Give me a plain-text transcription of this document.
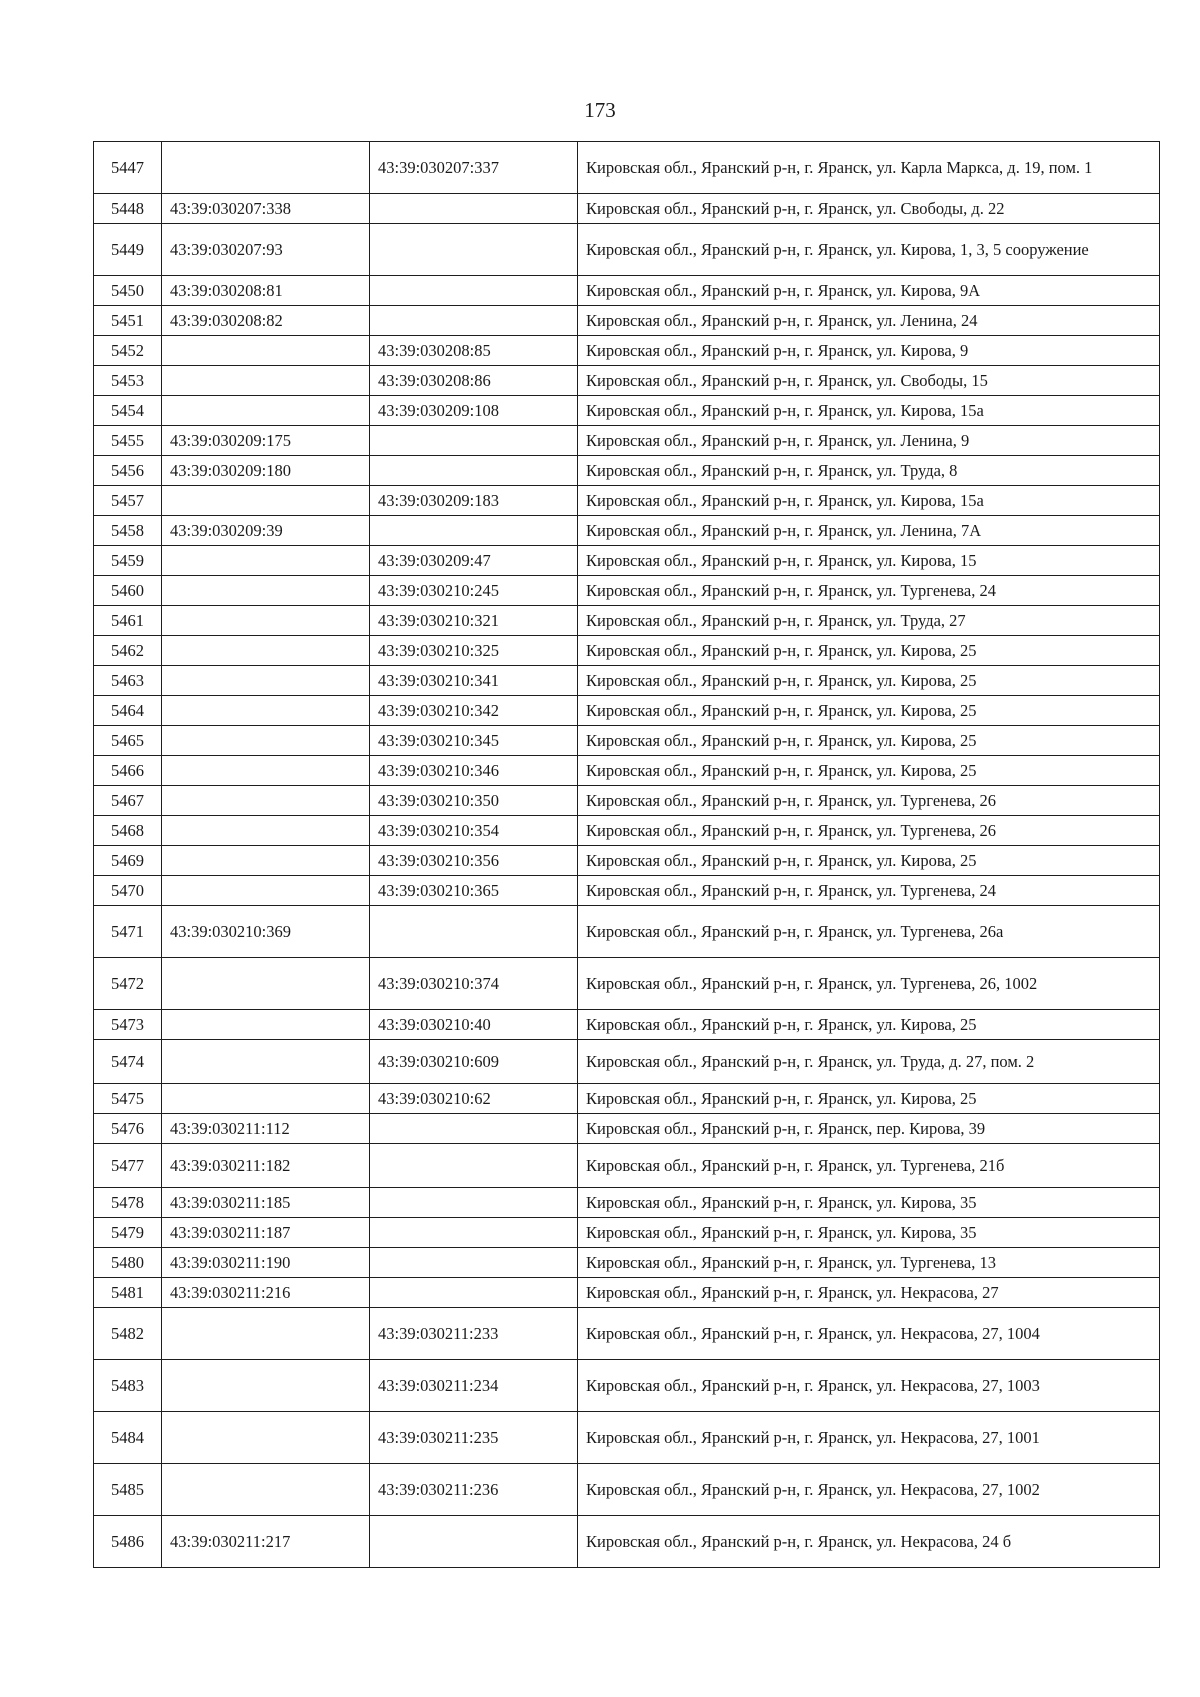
173
5447		43:39:030207:337	Кировская обл., Яранский р-н, г. Яранск, ул. Карла Маркса, д. 19, пом. 1
5448	43:39:030207:338		Кировская обл., Яранский р-н, г. Яранск, ул. Свободы, д. 22
5449	43:39:030207:93		Кировская обл., Яранский р-н, г. Яранск, ул. Кирова, 1, 3, 5 сооружение
5450	43:39:030208:81		Кировская обл., Яранский р-н, г. Яранск, ул. Кирова, 9А
5451	43:39:030208:82		Кировская обл., Яранский р-н, г. Яранск, ул. Ленина, 24
5452		43:39:030208:85	Кировская обл., Яранский р-н, г. Яранск, ул. Кирова, 9
5453		43:39:030208:86	Кировская обл., Яранский р-н, г. Яранск, ул. Свободы, 15
5454		43:39:030209:108	Кировская обл., Яранский р-н, г. Яранск, ул. Кирова, 15а
5455	43:39:030209:175		Кировская обл., Яранский р-н, г. Яранск, ул. Ленина, 9
5456	43:39:030209:180		Кировская обл., Яранский р-н, г. Яранск, ул. Труда, 8
5457		43:39:030209:183	Кировская обл., Яранский р-н, г. Яранск, ул. Кирова, 15а
5458	43:39:030209:39		Кировская обл., Яранский р-н, г. Яранск, ул. Ленина, 7А
5459		43:39:030209:47	Кировская обл., Яранский р-н, г. Яранск, ул. Кирова, 15
5460		43:39:030210:245	Кировская обл., Яранский р-н, г. Яранск, ул. Тургенева, 24
5461		43:39:030210:321	Кировская обл., Яранский р-н, г. Яранск, ул. Труда, 27
5462		43:39:030210:325	Кировская обл., Яранский р-н, г. Яранск, ул. Кирова, 25
5463		43:39:030210:341	Кировская обл., Яранский р-н, г. Яранск, ул. Кирова, 25
5464		43:39:030210:342	Кировская обл., Яранский р-н, г. Яранск, ул. Кирова, 25
5465		43:39:030210:345	Кировская обл., Яранский р-н, г. Яранск, ул. Кирова, 25
5466		43:39:030210:346	Кировская обл., Яранский р-н, г. Яранск, ул. Кирова, 25
5467		43:39:030210:350	Кировская обл., Яранский р-н, г. Яранск, ул. Тургенева, 26
5468		43:39:030210:354	Кировская обл., Яранский р-н, г. Яранск, ул. Тургенева, 26
5469		43:39:030210:356	Кировская обл., Яранский р-н, г. Яранск, ул. Кирова, 25
5470		43:39:030210:365	Кировская обл., Яранский р-н, г. Яранск, ул. Тургенева, 24
5471	43:39:030210:369		Кировская обл., Яранский р-н, г. Яранск, ул. Тургенева, 26а
5472		43:39:030210:374	Кировская обл., Яранский р-н, г. Яранск, ул. Тургенева, 26, 1002
5473		43:39:030210:40	Кировская обл., Яранский р-н, г. Яранск, ул. Кирова, 25
5474		43:39:030210:609	Кировская обл., Яранский р-н, г. Яранск, ул. Труда, д. 27, пом. 2
5475		43:39:030210:62	Кировская обл., Яранский р-н, г. Яранск, ул. Кирова, 25
5476	43:39:030211:112		Кировская обл., Яранский р-н, г. Яранск, пер. Кирова, 39
5477	43:39:030211:182		Кировская обл., Яранский р-н, г. Яранск, ул. Тургенева, 21б
5478	43:39:030211:185		Кировская обл., Яранский р-н, г. Яранск, ул. Кирова, 35
5479	43:39:030211:187		Кировская обл., Яранский р-н, г. Яранск, ул. Кирова, 35
5480	43:39:030211:190		Кировская обл., Яранский р-н, г. Яранск, ул. Тургенева, 13
5481	43:39:030211:216		Кировская обл., Яранский р-н, г. Яранск, ул. Некрасова, 27
5482		43:39:030211:233	Кировская обл., Яранский р-н, г. Яранск, ул. Некрасова, 27, 1004
5483		43:39:030211:234	Кировская обл., Яранский р-н, г. Яранск, ул. Некрасова, 27, 1003
5484		43:39:030211:235	Кировская обл., Яранский р-н, г. Яранск, ул. Некрасова, 27, 1001
5485		43:39:030211:236	Кировская обл., Яранский р-н, г. Яранск, ул. Некрасова, 27, 1002
5486	43:39:030211:217		Кировская обл., Яранский р-н, г. Яранск, ул. Некрасова, 24 б
